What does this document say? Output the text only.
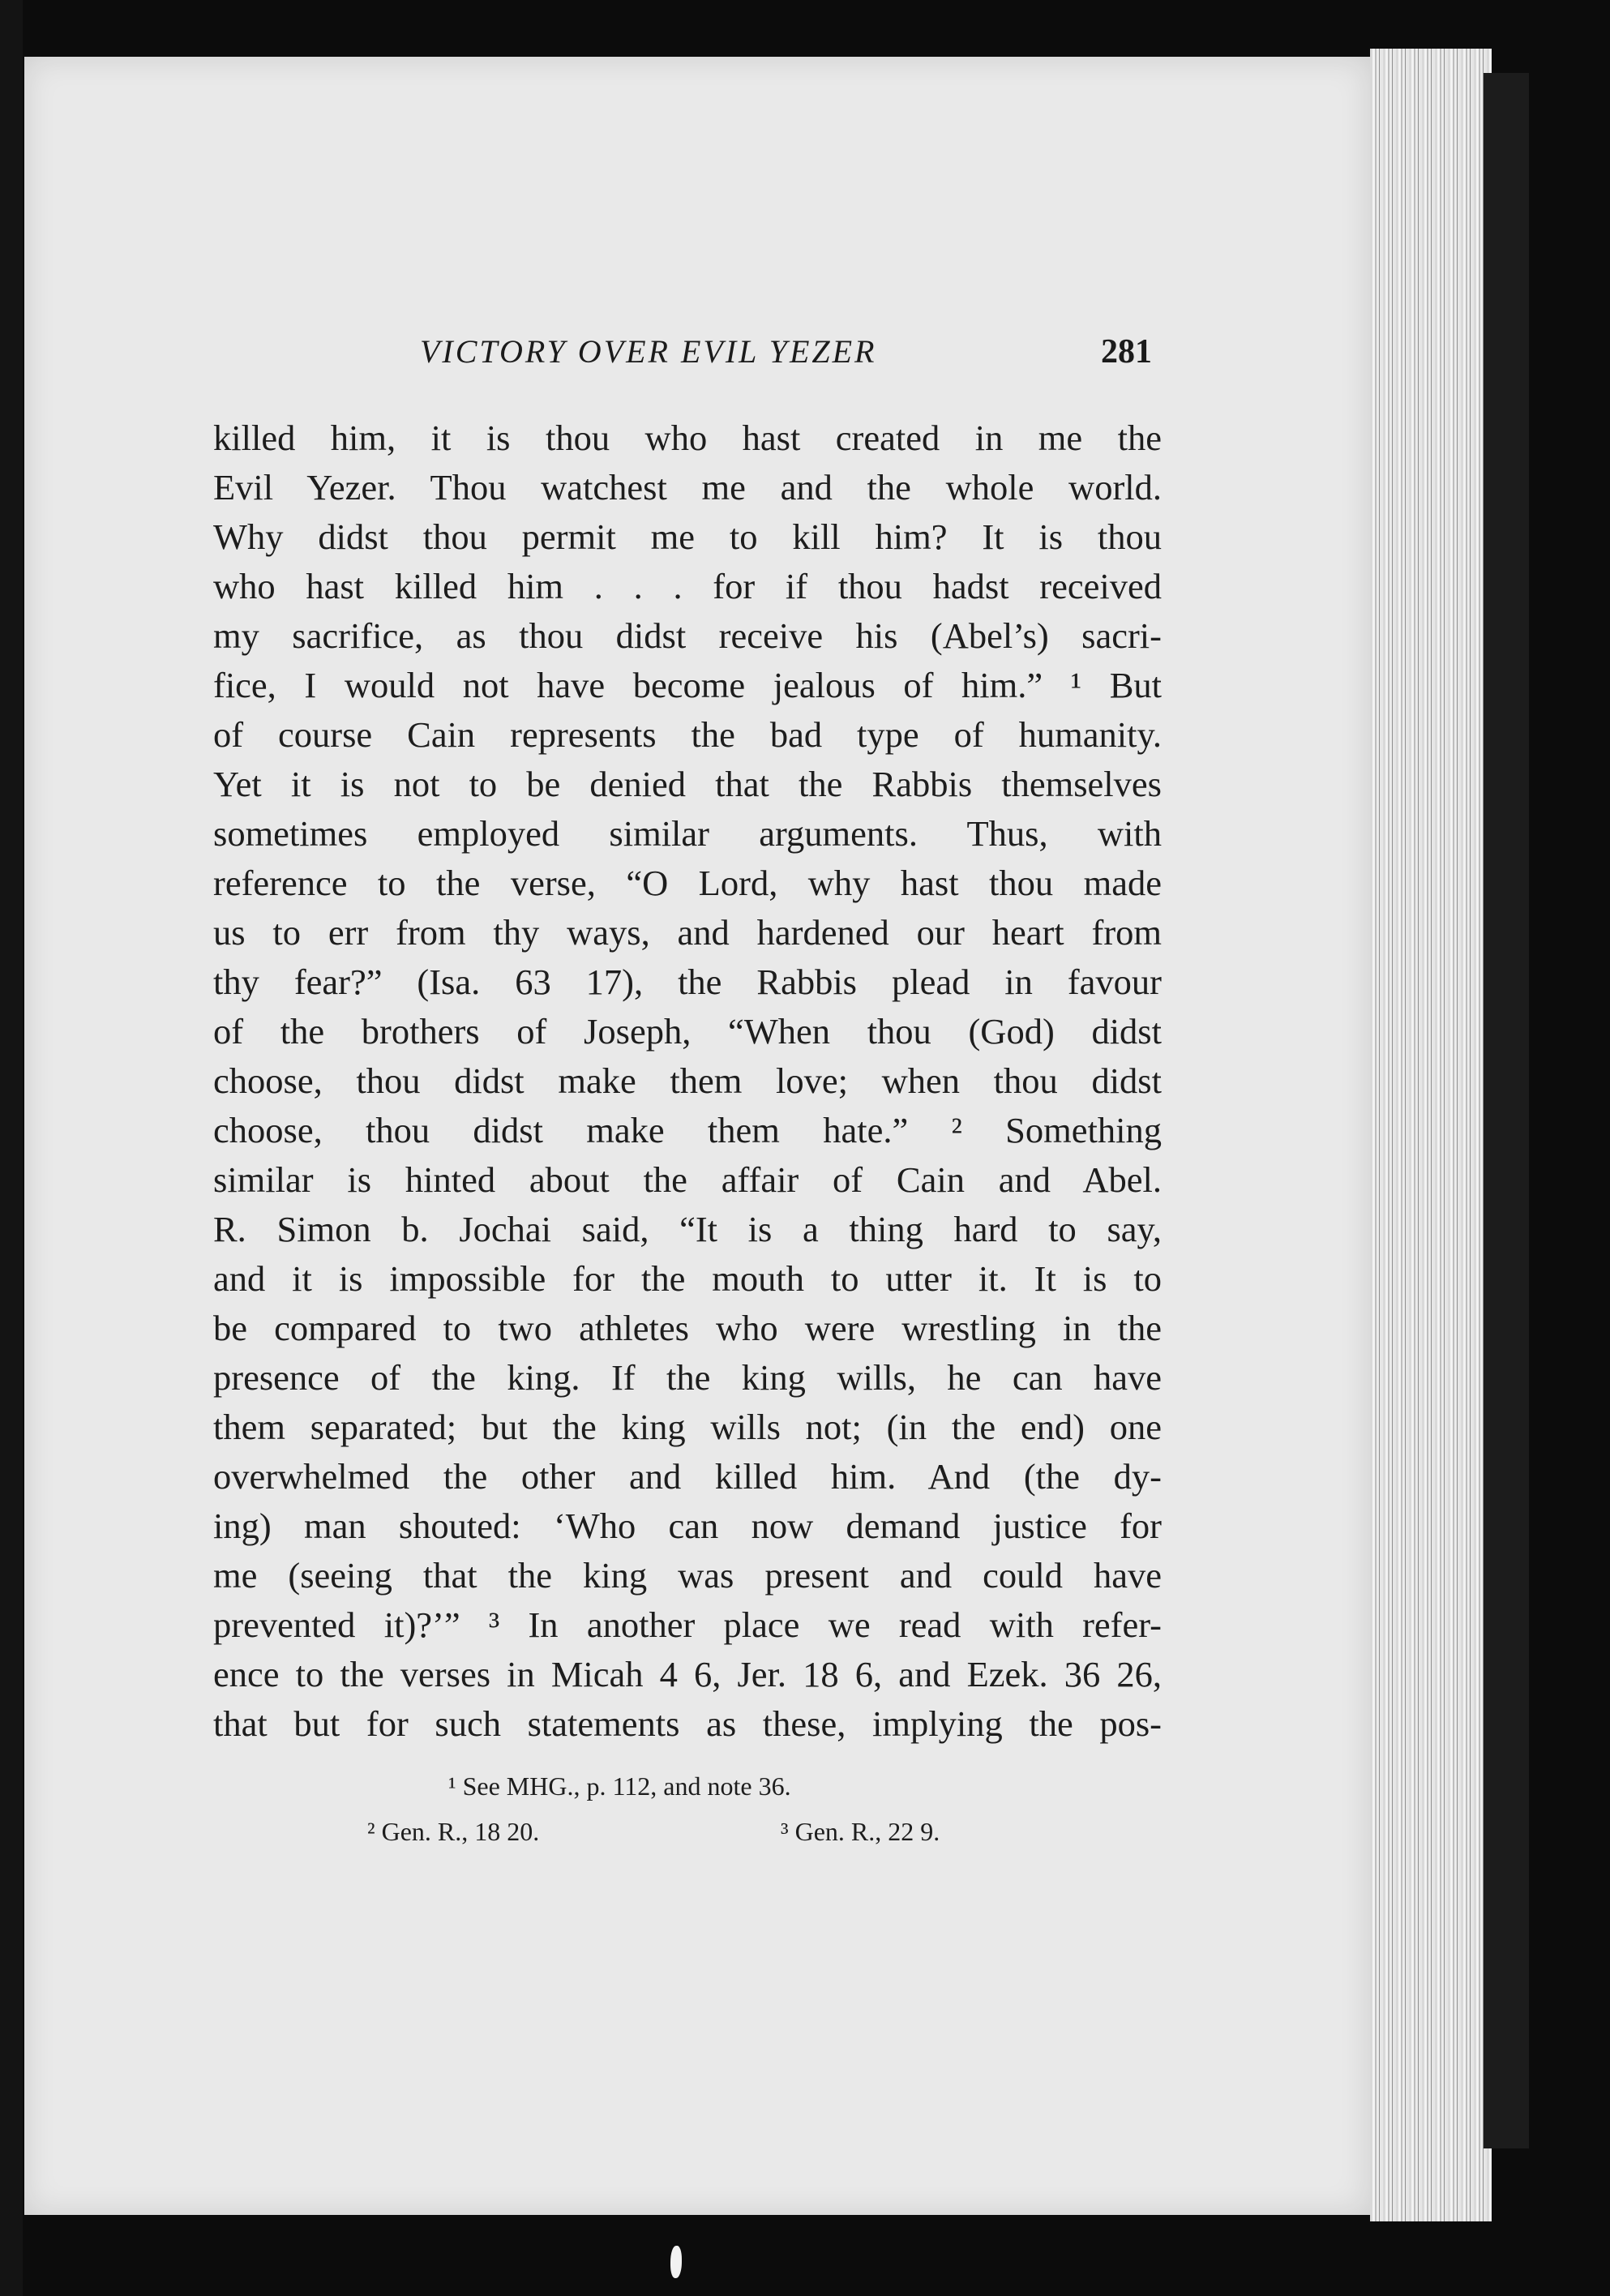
VICTORY OVER EVIL YEZER	281
killed him, it is thou who hast created in me the
Evil Yezer. Thou watchest me and the whole world.
Why didst thou permit me to kill him? It is thou
who hast killed him . . . for if thou hadst received
my sacrifice, as thou didst receive his (Abel’s) sacri-
fice, I would not have become jealous of him.” ¹ But
of course Cain represents the bad type of humanity.
Yet it is not to be denied that the Rabbis themselves
sometimes employed similar arguments. Thus, with
reference to the verse, “O Lord, why hast thou made
us to err from thy ways, and hardened our heart from
thy fear?” (Isa. 63 17), the Rabbis plead in favour
of the brothers of Joseph, “When thou (God) didst
choose, thou didst make them love; when thou didst
choose, thou didst make them hate.” ² Something
similar is hinted about the affair of Cain and Abel.
R. Simon b. Jochai said, “It is a thing hard to say,
and it is impossible for the mouth to utter it. It is to
be compared to two athletes who were wrestling in the
presence of the king. If the king wills, he can have
them separated; but the king wills not; (in the end) one
overwhelmed the other and killed him. And (the dy-
ing) man shouted: ‘Who can now demand justice for
me (seeing that the king was present and could have
prevented it)?’” ³ In another place we read with refer-
ence to the verses in Micah 4 6, Jer. 18 6, and Ezek. 36 26,
that but for such statements as these, implying the pos-
¹ See MHG., p. 112, and note 36.
² Gen. R., 18 20.	³ Gen. R., 22 9.
